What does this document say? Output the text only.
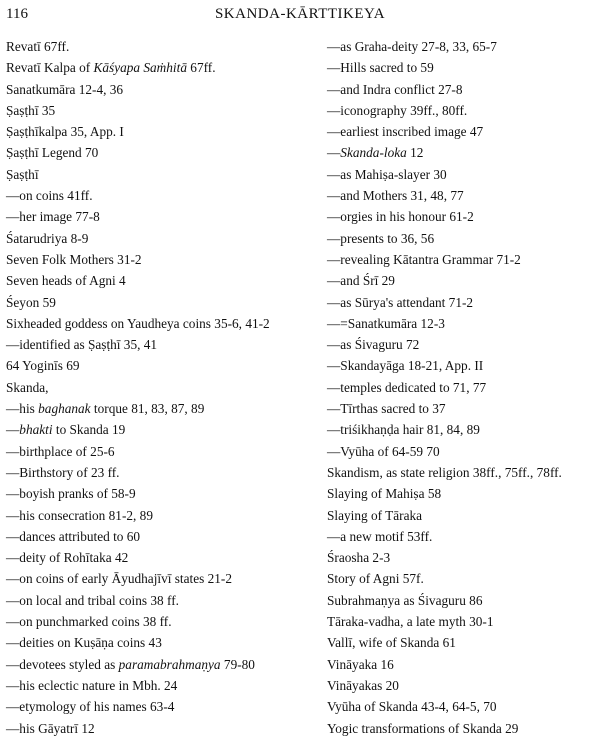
116	SKANDA-KĀRTTIKEYA
Revatī 67ff.
Revatī Kalpa of Kāśyapa Saṁhitā 67ff.
Sanatkumāra 12-4, 36
Ṣaṣṭhī 35
Ṣaṣṭhīkalpa 35, App. I
Ṣaṣṭhī Legend 70
Ṣaṣṭhī
—on coins 41ff.
—her image 77-8
Śatarudriya 8-9
Seven Folk Mothers 31-2
Seven heads of Agni 4
Śeyon 59
Sixheaded goddess on Yaudheya coins 35-6, 41-2
—identified as Ṣaṣṭhī 35, 41
64 Yoginīs 69
Skanda,
—his baghanak torque 81, 83, 87, 89
—bhakti to Skanda 19
—birthplace of 25-6
—Birthstory of 23 ff.
—boyish pranks of 58-9
—his consecration 81-2, 89
—dances attributed to 60
—deity of Rohītaka 42
—on coins of early Āyudhajīvī states 21-2
—on local and tribal coins 38 ff.
—on punchmarked coins 38 ff.
—deities on Kuṣāṇa coins 43
—devotees styled as paramabrahmaṇya 79-80
—his eclectic nature in Mbh. 24
—etymology of his names 63-4
—his Gāyatrī 12
—as Graha-deity 27-8, 33, 65-7
—Hills sacred to 59
—and Indra conflict 27-8
—iconography 39ff., 80ff.
—earliest inscribed image 47
—Skanda-loka 12
—as Mahiṣa-slayer 30
—and Mothers 31, 48, 77
—orgies in his honour 61-2
—presents to 36, 56
—revealing Kātantra Grammar 71-2
—and Śrī 29
—as Sūrya's attendant 71-2
—=Sanatkumāra 12-3
—as Śivaguru 72
—Skandayāga 18-21, App. II
—temples dedicated to 71, 77
—Tīrthas sacred to 37
—triśikhaṇḍa hair 81, 84, 89
—Vyūha of 64-59 70
Skandism, as state religion 38ff., 75ff., 78ff.
Slaying of Mahiṣa 58
Slaying of Tāraka
—a new motif 53ff.
Śraosha 2-3
Story of Agni 57f.
Subrahmaṇya as Śivaguru 86
Tāraka-vadha, a late myth 30-1
Vallī, wife of Skanda 61
Vināyaka 16
Vināyakas 20
Vyūha of Skanda 43-4, 64-5, 70
Yogic transformations of Skanda 29
